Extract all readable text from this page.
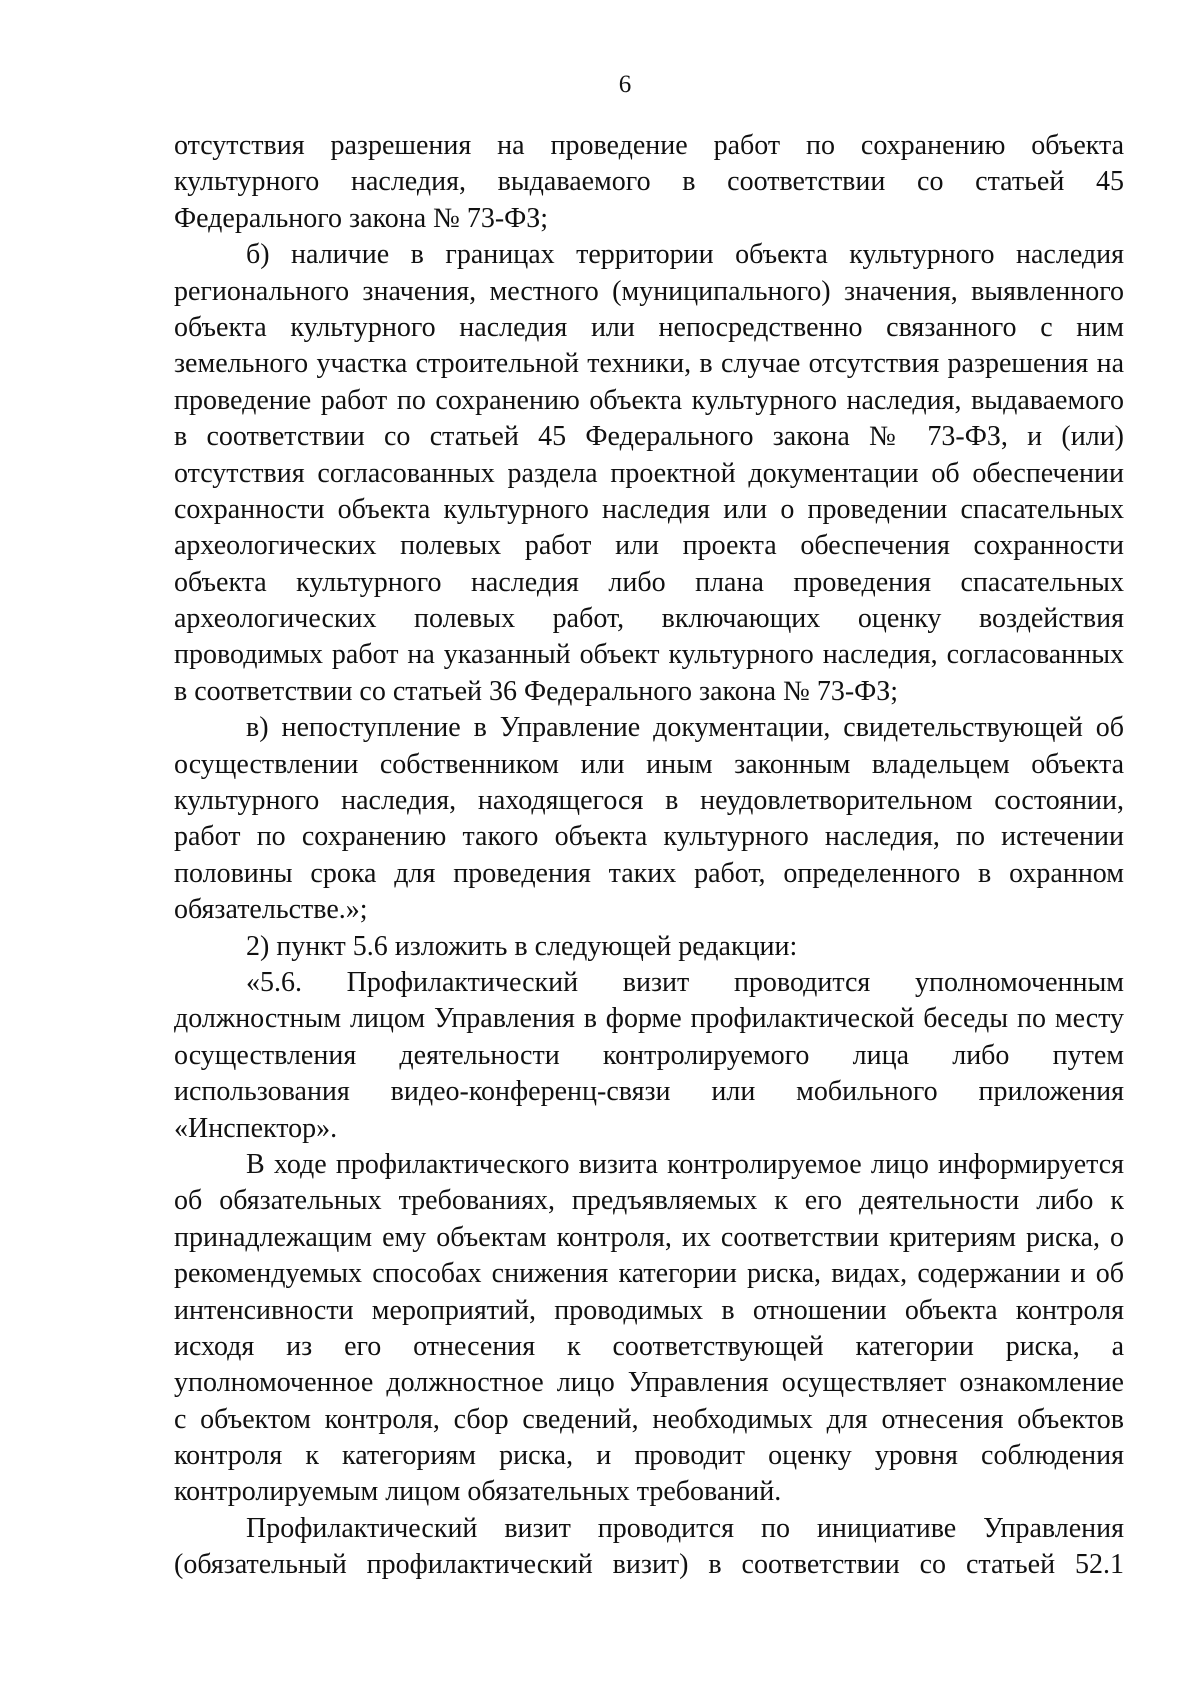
6
отсутствия разрешения на проведение работ по сохранению объекта
культурного наследия, выдаваемого в соответствии со статьей 45
Федерального закона № 73-ФЗ;
б) наличие в границах территории объекта культурного наследия
регионального значения, местного (муниципального) значения, выявленного
объекта культурного наследия или непосредственно связанного с ним
земельного участка строительной техники, в случае отсутствия разрешения на
проведение работ по сохранению объекта культурного наследия, выдаваемого
в соответствии со статьей 45 Федерального закона № 73-ФЗ, и (или)
отсутствия согласованных раздела проектной документации об обеспечении
сохранности объекта культурного наследия или о проведении спасательных
археологических полевых работ или проекта обеспечения сохранности
объекта культурного наследия либо плана проведения спасательных
археологических полевых работ, включающих оценку воздействия
проводимых работ на указанный объект культурного наследия, согласованных
в соответствии со статьей 36 Федерального закона № 73-ФЗ;
в) непоступление в Управление документации, свидетельствующей об
осуществлении собственником или иным законным владельцем объекта
культурного наследия, находящегося в неудовлетворительном состоянии,
работ по сохранению такого объекта культурного наследия, по истечении
половины срока для проведения таких работ, определенного в охранном
обязательстве.»;
2) пункт 5.6 изложить в следующей редакции:
«5.6. Профилактический визит проводится уполномоченным
должностным лицом Управления в форме профилактической беседы по месту
осуществления деятельности контролируемого лица либо путем
использования видео-конференц-связи или мобильного приложения
«Инспектор».
В ходе профилактического визита контролируемое лицо информируется
об обязательных требованиях, предъявляемых к его деятельности либо к
принадлежащим ему объектам контроля, их соответствии критериям риска, о
рекомендуемых способах снижения категории риска, видах, содержании и об
интенсивности мероприятий, проводимых в отношении объекта контроля
исходя из его отнесения к соответствующей категории риска, а
уполномоченное должностное лицо Управления осуществляет ознакомление
с объектом контроля, сбор сведений, необходимых для отнесения объектов
контроля к категориям риска, и проводит оценку уровня соблюдения
контролируемым лицом обязательных требований.
Профилактический визит проводится по инициативе Управления
(обязательный профилактический визит) в соответствии со статьей 52.1
